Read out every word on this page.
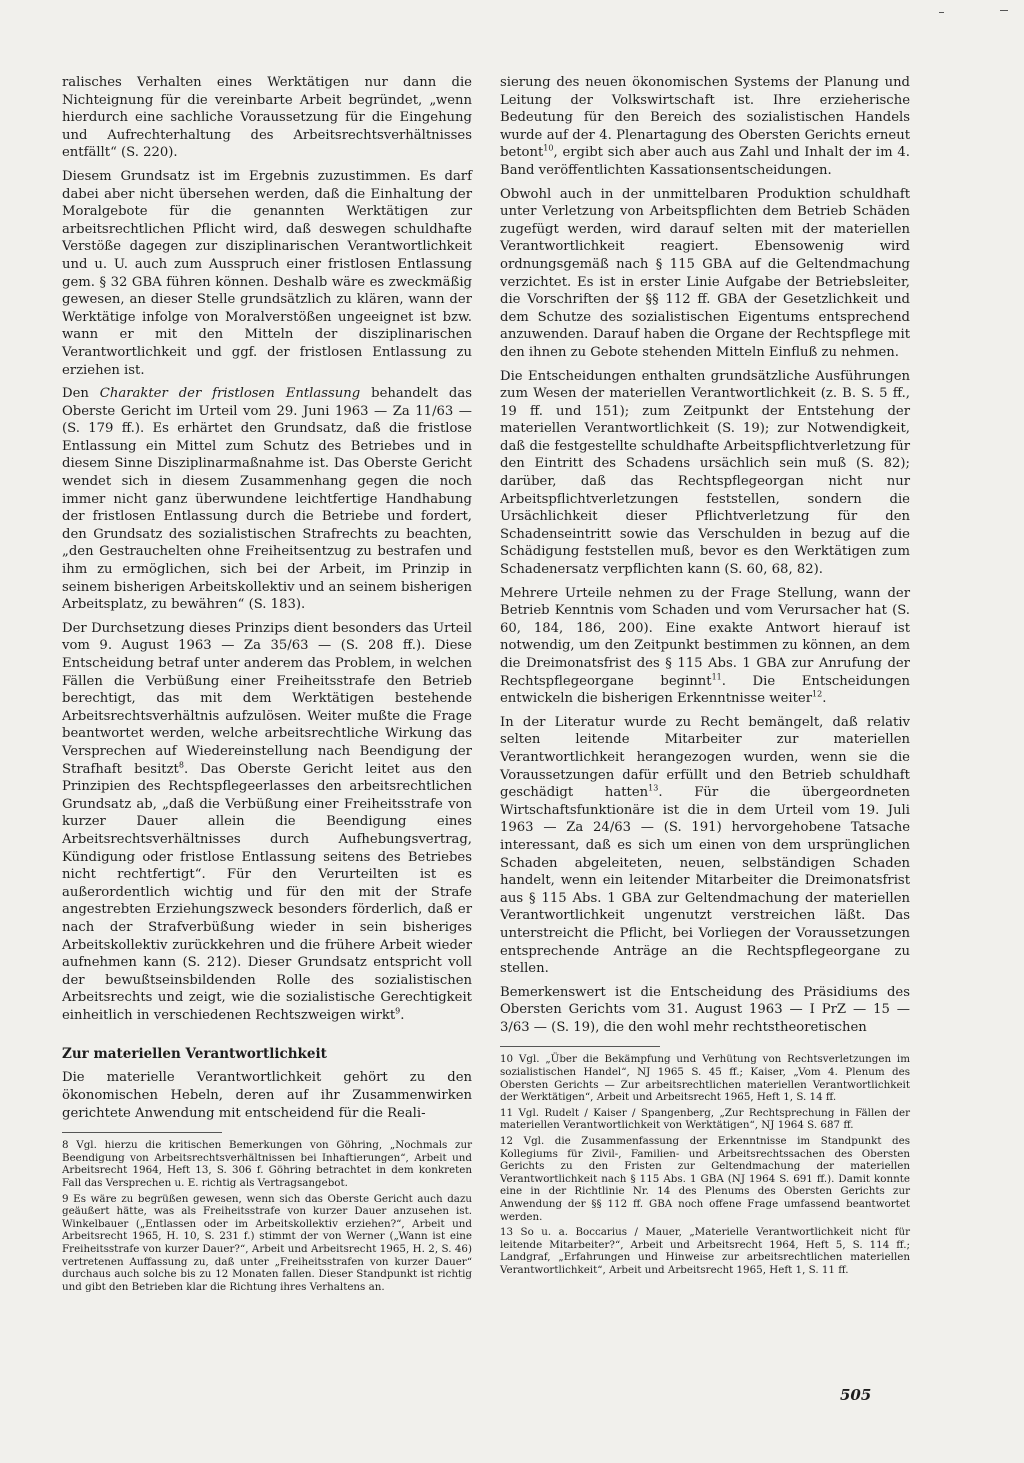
ralisches Verhalten eines Werktätigen nur dann die Nichteignung für die vereinbarte Arbeit begründet, „wenn hierdurch eine sachliche Voraussetzung für die Eingehung und Aufrechterhaltung des Arbeitsrechtsverhältnisses entfällt“ (S. 220).

Diesem Grundsatz ist im Ergebnis zuzustimmen. Es darf dabei aber nicht übersehen werden, daß die Einhaltung der Moralgebote für die genannten Werktätigen zur arbeitsrechtlichen Pflicht wird, daß deswegen schuldhafte Verstöße dagegen zur disziplinarischen Verantwortlichkeit und u. U. auch zum Ausspruch einer fristlosen Entlassung gem. § 32 GBA führen können. Deshalb wäre es zweckmäßig gewesen, an dieser Stelle grundsätzlich zu klären, wann der Werktätige infolge von Moralverstößen ungeeignet ist bzw. wann er mit den Mitteln der disziplinarischen Verantwortlichkeit und ggf. der fristlosen Entlassung zu erziehen ist.

Den Charakter der fristlosen Entlassung behandelt das Oberste Gericht im Urteil vom 29. Juni 1963 — Za 11/63 — (S. 179 ff.). Es erhärtet den Grundsatz, daß die fristlose Entlassung ein Mittel zum Schutz des Betriebes und in diesem Sinne Disziplinarmaßnahme ist. Das Oberste Gericht wendet sich in diesem Zusammenhang gegen die noch immer nicht ganz überwundene leichtfertige Handhabung der fristlosen Entlassung durch die Betriebe und fordert, den Grundsatz des sozialistischen Strafrechts zu beachten, „den Gestrauchelten ohne Freiheitsentzug zu bestrafen und ihm zu ermöglichen, sich bei der Arbeit, im Prinzip in seinem bisherigen Arbeitskollektiv und an seinem bisherigen Arbeitsplatz, zu bewähren“ (S. 183).

Der Durchsetzung dieses Prinzips dient besonders das Urteil vom 9. August 1963 — Za 35/63 — (S. 208 ff.). Diese Entscheidung betraf unter anderem das Problem, in welchen Fällen die Verbüßung einer Freiheitsstrafe den Betrieb berechtigt, das mit dem Werktätigen bestehende Arbeitsrechtsverhältnis aufzulösen. Weiter mußte die Frage beantwortet werden, welche arbeitsrechtliche Wirkung das Versprechen auf Wiedereinstellung nach Beendigung der Strafhaft besitzt$^8$. Das Oberste Gericht leitet aus den Prinzipien des Rechtspflegeerlasses den arbeitsrechtlichen Grundsatz ab, „daß die Verbüßung einer Freiheitsstrafe von kurzer Dauer allein die Beendigung eines Arbeitsrechtsverhältnisses durch Aufhebungsvertrag, Kündigung oder fristlose Entlassung seitens des Betriebes nicht rechtfertigt“. Für den Verurteilten ist es außerordentlich wichtig und für den mit der Strafe angestrebten Erziehungszweck besonders förderlich, daß er nach der Strafverbüßung wieder in sein bisheriges Arbeitskollektiv zurückkehren und die frühere Arbeit wieder aufnehmen kann (S. 212). Dieser Grundsatz entspricht voll der bewußtseinsbildenden Rolle des sozialistischen Arbeitsrechts und zeigt, wie die sozialistische Gerechtigkeit einheitlich in verschiedenen Rechtszweigen wirkt$^9$.

Zur materiellen Verantwortlichkeit

Die materielle Verantwortlichkeit gehört zu den ökonomischen Hebeln, deren auf ihr Zusammenwirken gerichtete Anwendung mit entscheidend für die Reali-

8 Vgl. hierzu die kritischen Bemerkungen von Göhring, „Nochmals zur Beendigung von Arbeitsrechtsverhältnissen bei Inhaftierungen“, Arbeit und Arbeitsrecht 1964, Heft 13, S. 306 f. Göhring betrachtet in dem konkreten Fall das Versprechen u. E. richtig als Vertragsangebot.

9 Es wäre zu begrüßen gewesen, wenn sich das Oberste Gericht auch dazu geäußert hätte, was als Freiheitsstrafe von kurzer Dauer anzusehen ist. Winkelbauer („Entlassen oder im Arbeitskollektiv erziehen?“, Arbeit und Arbeitsrecht 1965, H. 10, S. 231 f.) stimmt der von Werner („Wann ist eine Freiheitsstrafe von kurzer Dauer?“, Arbeit und Arbeitsrecht 1965, H. 2, S. 46) vertretenen Auffassung zu, daß unter „Freiheitsstrafen von kurzer Dauer“ durchaus auch solche bis zu 12 Monaten fallen. Dieser Standpunkt ist richtig und gibt den Betrieben klar die Richtung ihres Verhaltens an.

sierung des neuen ökonomischen Systems der Planung und Leitung der Volkswirtschaft ist. Ihre erzieherische Bedeutung für den Bereich des sozialistischen Handels wurde auf der 4. Plenartagung des Obersten Gerichts erneut betont$^{10}$, ergibt sich aber auch aus Zahl und Inhalt der im 4. Band veröffentlichten Kassationsentscheidungen.

Obwohl auch in der unmittelbaren Produktion schuldhaft unter Verletzung von Arbeitspflichten dem Betrieb Schäden zugefügt werden, wird darauf selten mit der materiellen Verantwortlichkeit reagiert. Ebensowenig wird ordnungsgemäß nach § 115 GBA auf die Geltendmachung verzichtet. Es ist in erster Linie Aufgabe der Betriebsleiter, die Vorschriften der §§ 112 ff. GBA der Gesetzlichkeit und dem Schutze des sozialistischen Eigentums entsprechend anzuwenden. Darauf haben die Organe der Rechtspflege mit den ihnen zu Gebote stehenden Mitteln Einfluß zu nehmen.

Die Entscheidungen enthalten grundsätzliche Ausführungen zum Wesen der materiellen Verantwortlichkeit (z. B. S. 5 ff., 19 ff. und 151); zum Zeitpunkt der Entstehung der materiellen Verantwortlichkeit (S. 19); zur Notwendigkeit, daß die festgestellte schuldhafte Arbeitspflichtverletzung für den Eintritt des Schadens ursächlich sein muß (S. 82); darüber, daß das Rechtspflegeorgan nicht nur Arbeitspflichtverletzungen feststellen, sondern die Ursächlichkeit dieser Pflichtverletzung für den Schadenseintritt sowie das Verschulden in bezug auf die Schädigung feststellen muß, bevor es den Werktätigen zum Schadenersatz verpflichten kann (S. 60, 68, 82).

Mehrere Urteile nehmen zu der Frage Stellung, wann der Betrieb Kenntnis vom Schaden und vom Verursacher hat (S. 60, 184, 186, 200). Eine exakte Antwort hierauf ist notwendig, um den Zeitpunkt bestimmen zu können, an dem die Dreimonatsfrist des § 115 Abs. 1 GBA zur Anrufung der Rechtspflegeorgane beginnt$^{11}$. Die Entscheidungen entwickeln die bisherigen Erkenntnisse weiter$^{12}$.

In der Literatur wurde zu Recht bemängelt, daß relativ selten leitende Mitarbeiter zur materiellen Verantwortlichkeit herangezogen wurden, wenn sie die Voraussetzungen dafür erfüllt und den Betrieb schuldhaft geschädigt hatten$^{13}$. Für die übergeordneten Wirtschaftsfunktionäre ist die in dem Urteil vom 19. Juli 1963 — Za 24/63 — (S. 191) hervorgehobene Tatsache interessant, daß es sich um einen von dem ursprünglichen Schaden abgeleiteten, neuen, selbständigen Schaden handelt, wenn ein leitender Mitarbeiter die Dreimonatsfrist aus § 115 Abs. 1 GBA zur Geltendmachung der materiellen Verantwortlichkeit ungenutzt verstreichen läßt. Das unterstreicht die Pflicht, bei Vorliegen der Voraussetzungen entsprechende Anträge an die Rechtspflegeorgane zu stellen.

Bemerkenswert ist die Entscheidung des Präsidiums des Obersten Gerichts vom 31. August 1963 — I PrZ — 15 — 3/63 — (S. 19), die den wohl mehr rechtstheoretischen

10 Vgl. „Über die Bekämpfung und Verhütung von Rechtsverletzungen im sozialistischen Handel“, NJ 1965 S. 45 ff.; Kaiser, „Vom 4. Plenum des Obersten Gerichts — Zur arbeitsrechtlichen materiellen Verantwortlichkeit der Werktätigen“, Arbeit und Arbeitsrecht 1965, Heft 1, S. 14 ff.

11 Vgl. Rudelt / Kaiser / Spangenberg, „Zur Rechtsprechung in Fällen der materiellen Verantwortlichkeit von Werktätigen“, NJ 1964 S. 687 ff.

12 Vgl. die Zusammenfassung der Erkenntnisse im Standpunkt des Kollegiums für Zivil-, Familien- und Arbeitsrechtssachen des Obersten Gerichts zu den Fristen zur Geltendmachung der materiellen Verantwortlichkeit nach § 115 Abs. 1 GBA (NJ 1964 S. 691 ff.). Damit konnte eine in der Richtlinie Nr. 14 des Plenums des Obersten Gerichts zur Anwendung der §§ 112 ff. GBA noch offene Frage umfassend beantwortet werden.

13 So u. a. Boccarius / Mauer, „Materielle Verantwortlichkeit nicht für leitende Mitarbeiter?“, Arbeit und Arbeitsrecht 1964, Heft 5, S. 114 ff.; Landgraf, „Erfahrungen und Hinweise zur arbeitsrechtlichen materiellen Verantwortlichkeit“, Arbeit und Arbeitsrecht 1965, Heft 1, S. 11 ff.

505
